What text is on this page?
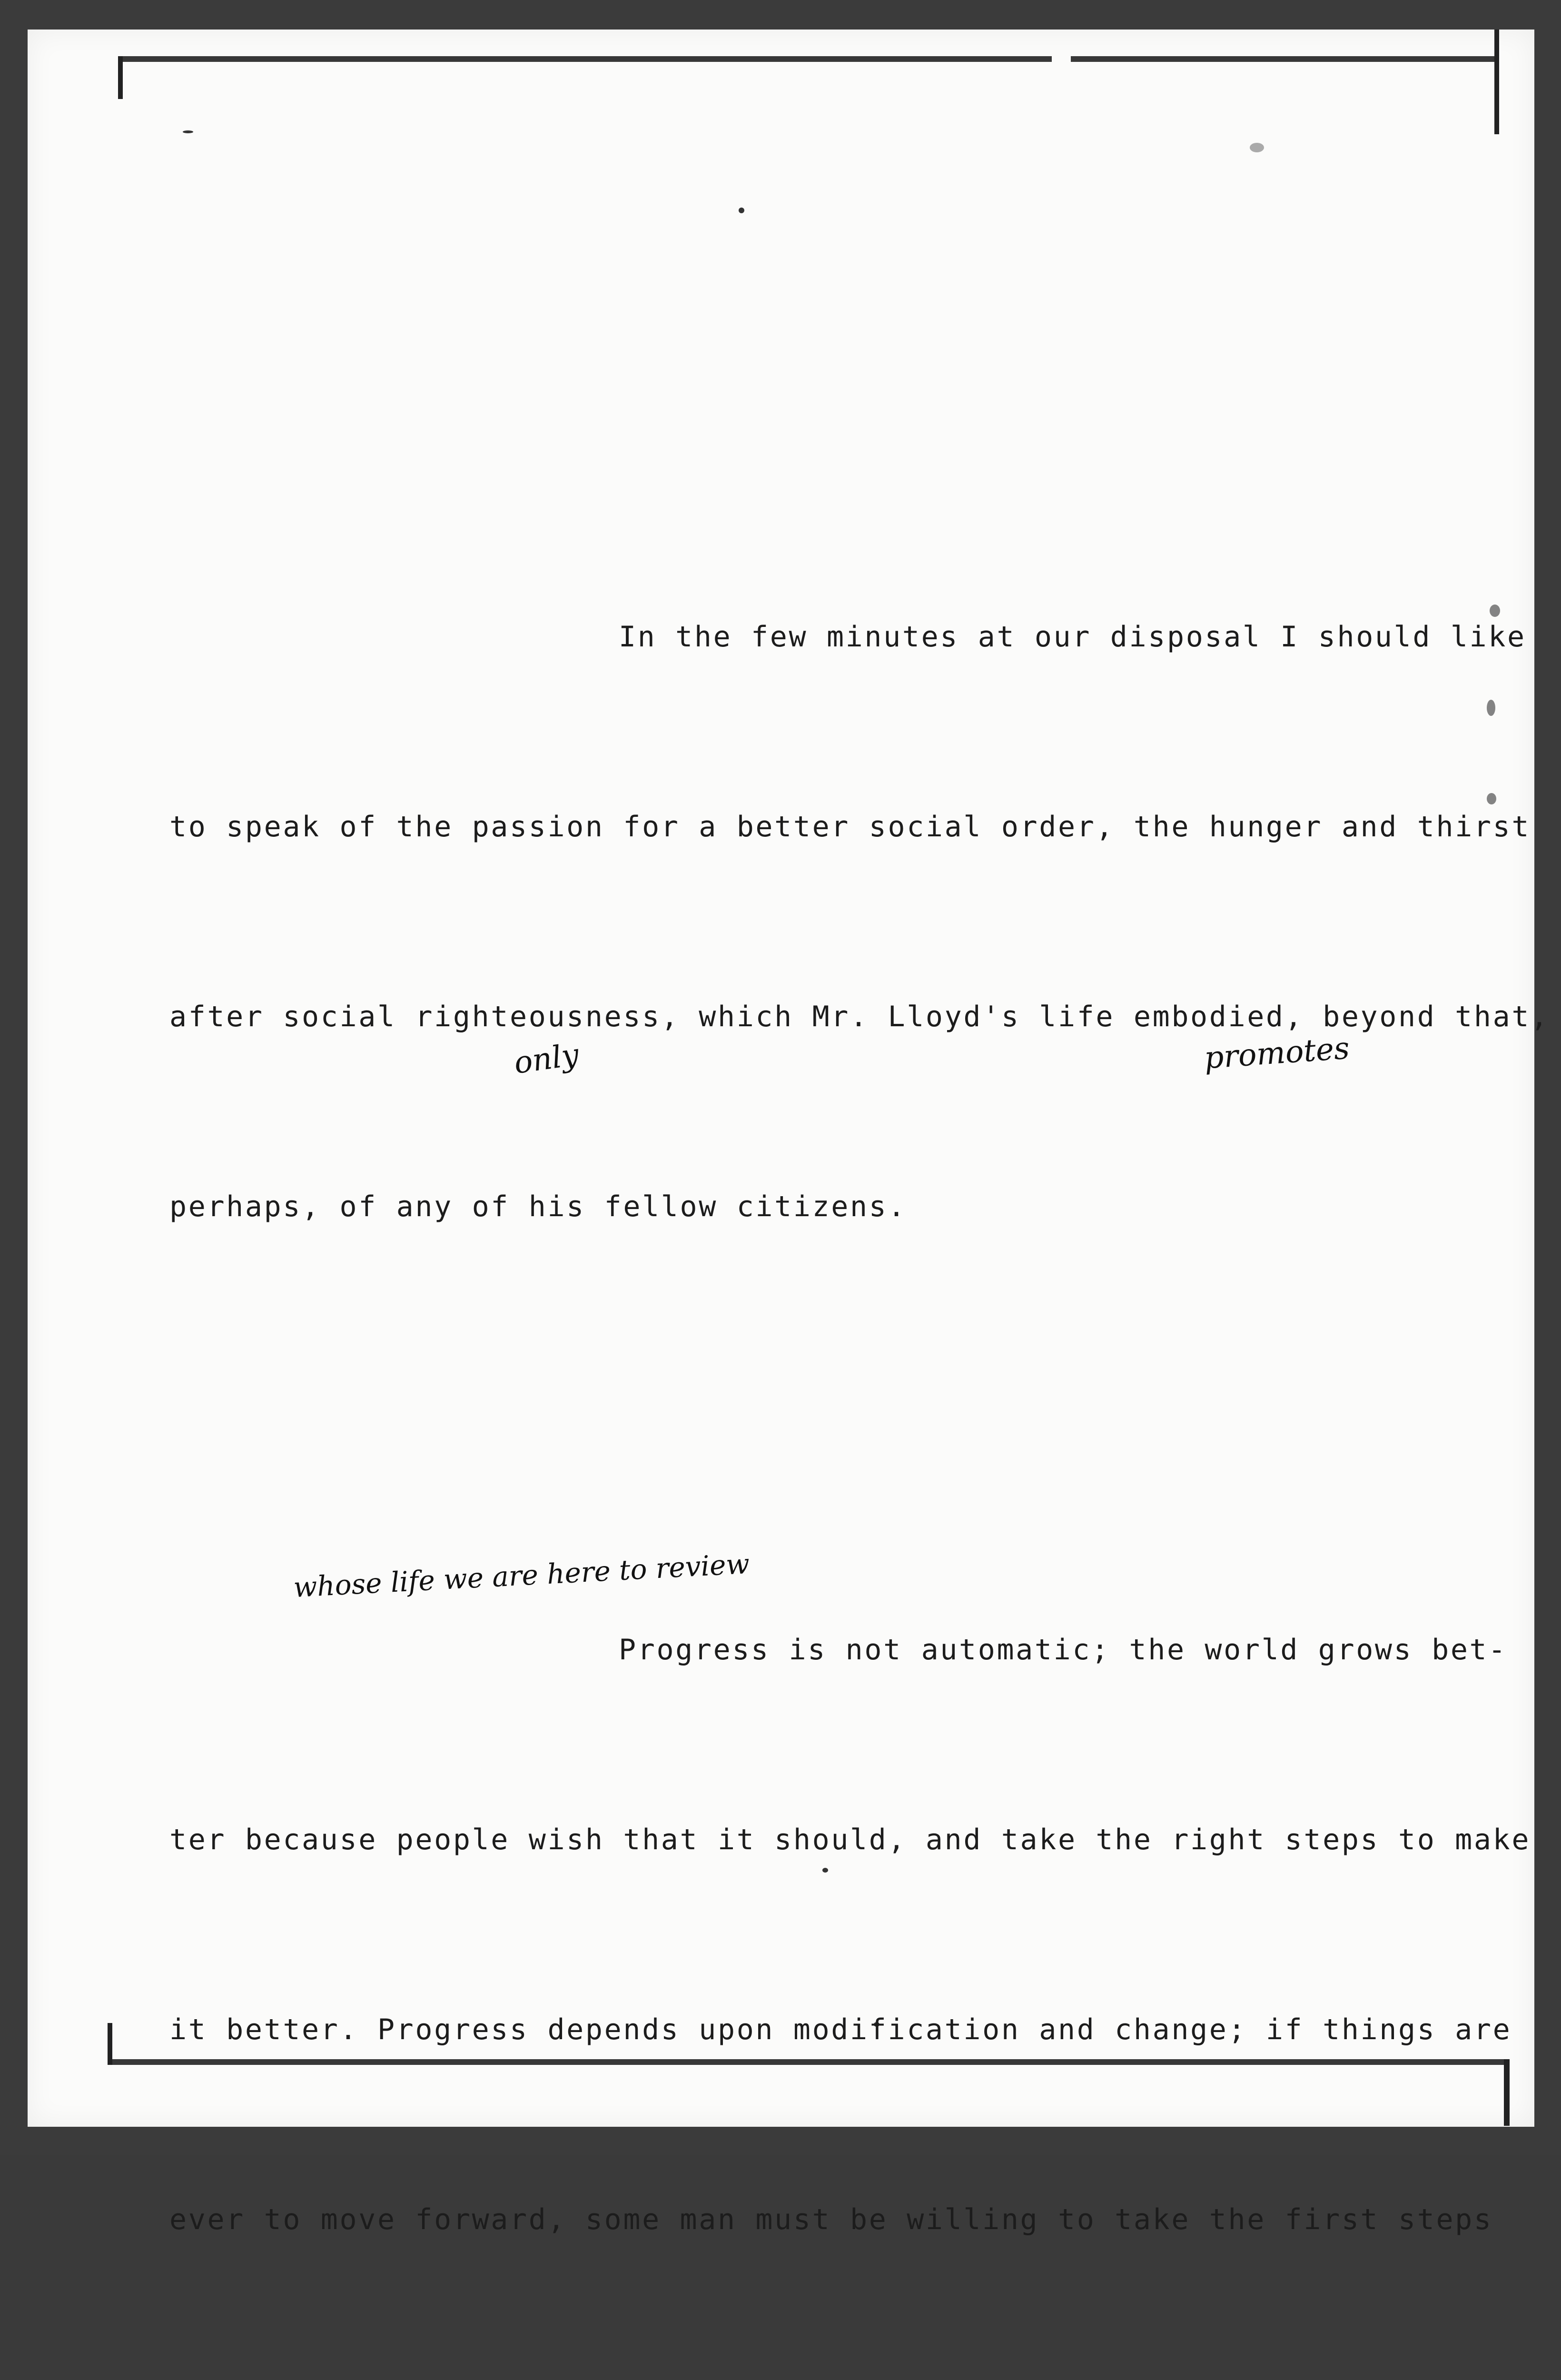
In the few minutes at our disposal I should like

to speak of the passion for a better social order, the hunger and thirst

after social righteousness, which Mr. Lloyd's life embodied, beyond that,

perhaps, of any of his fellow citizens.

Progress is not automatic; the world grows bet-

ter because people wish that it should, and take the right steps to make

it better. Progress depends upon modification and change; if things are

ever to move forward, some man must be willing to take the first steps

only	promotes
whose life we are here to review
